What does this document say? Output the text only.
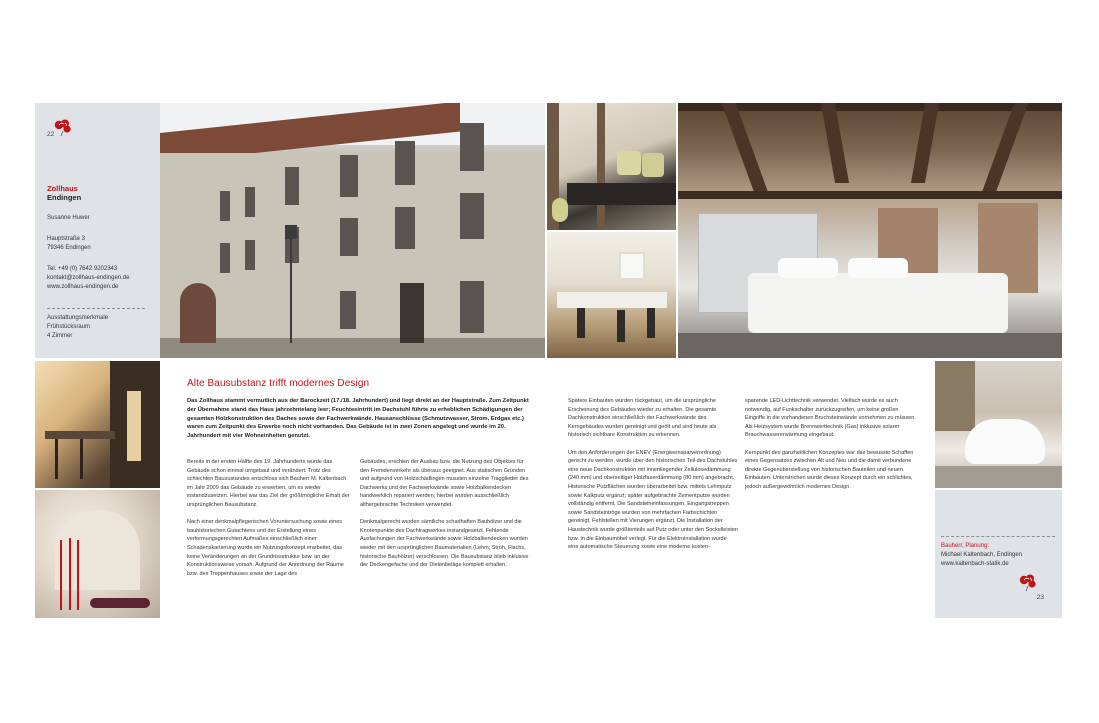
22
Zollhaus
Endingen
Susanne Huwer
Hauptstraße 3
79346 Endingen
Tel. +49 (0) 7642 9202343
kontakt@zollhaus-endingen.de
www.zollhaus-endingen.de
Ausstattungsmerkmale
Frühstücksraum
4 Zimmer
Bauherr, Planung:
Michael Kaltenbach, Endingen
www.kaltenbach-statik.de
23
Alte Bausubstanz trifft modernes Design
Das Zollhaus stammt vermutlich aus der Barockzeit (17./18. Jahrhundert) und liegt direkt an der Hauptstraße. Zum Zeitpunkt der Übernahme stand das Haus jahrzehntelang leer; Feuchteeintritt im Dachstuhl führte zu erheblichen Schädigungen der gesamten Holzkonstruktion des Daches sowie der Fachwerkwände. Hausanschlüsse (Schmutzwasser, Strom, Erdgas etc.) waren zum Zeitpunkt des Erwerbs noch nicht vorhanden. Das Gebäude ist in zwei Zonen angelegt und wurde im 20. Jahrhundert mit vier Wohneinheiten genutzt.

Bereits in der ersten Hälfte des 19. Jahrhunderts wurde das Gebäude schon einmal umgebaut und verändert. Trotz des schlechten Bauzustandes entschloss sich Bauherr M. Kaltenbach im Jahr 2009 das Gebäude zu erwerben, um es wieder instandzusetzen. Hierbei war das Ziel der größtmögliche Erhalt der ursprünglichen Bausubstanz.

Nach einer denkmalpflegerischen Voruntersuchung sowie eines bauhistorischen Gutachtens und der Erstellung eines verformungsgerechten Aufmaßes einschließlich einer Schadenskartierung wurde ein Nutzungskonzept erarbeitet, das keine Veränderungen an der Grundrissstruktur bzw. an der Konstruktionsweise vorsah. Aufgrund der Anordnung der Räume bzw. des Treppenhauses sowie der Lage des

Gebäudes, erschien der Ausbau bzw. die Nutzung des Objektes für den Fremdenverkehr als überaus geeignet. Aus statischen Gründen und aufgrund von Holzschädlingen mussten einzelne Tragglieder des Dachwerks und der Fachwerkwände sowie Holzbalkendecken handwerklich repariert werden; hierbei wurden ausschließlich althergebrachte Techniken verwendet.

Denkmalgerecht wurden sämtliche schadhaften Bauhölzer und die Knotenpunkte des Dachtragwerkes instandgesetzt. Fehlende Ausfachungen der Fachwerkwände sowie Holzbalkendecken wurden wieder mit den ursprünglichen Baumaterialien (Lehm, Stroh, Flachs, historische Bauhölzer) verschlossen. Die Bausubstanz blieb inklusive der Deckengefache und der Dielenbeläge komplett erhalten.

Spätere Einbauten wurden rückgebaut, um die ursprüngliche Erscheinung des Gebäudes wieder zu erhalten. Die gesamte Dachkonstruktion einschließlich der Fachwerkwände des Kerngebäudes wurden gereinigt und geölt und sind heute als historisch sichtbare Konstruktion zu erkennen.

Um den Anforderungen der ENEV (Energieeinsparverordnung) gerecht zu werden, wurde über den historischen Teil des Dachstuhles eine neue Dachkonstruktion mit innenliegender Zellulosedämmung (240 mm) und oberseitiger Holzfaserdämmung (80 mm) angebracht.

Historische Putzflächen wurden überarbeitet bzw. mittels Lehmputz sowie Kalkputz ergänzt; später aufgebrachte Zementputze wurden vollständig entfernt. Die Sandsteineinfassungen, Eingangstreppen sowie Sandsteintröge wurden von mehrfachen Farbschichten gereinigt, Fehlstellen mit Vierungen ergänzt. Die Installation der Haustechnik wurde größtenteils auf Putz oder unter den Sockelleisten bzw. in die Einbaumöbel verlegt. Für die Elektroinstallation wurde eine automatische Steuerung sowie eine moderne kosten-

sparende LED-Lichttechnik verwendet. Vielfach wurde es auch notwendig, auf Funkschalter zurückzugreifen, um keine großen Eingriffe in die vorhandenen Bruchsteinwände vornehmen zu müssen. Als Heizsystem wurde Brennwerttechnik (Gas) inklusive solarer Brauchwassererwärmung eingebaut.

Kernpunkt des ganzheitlichen Konzeptes war das bewusste Schaffen eines Gegensatzes zwischen Alt und Neu und die damit verbundene direkte Gegenüberstellung von historischen Bauteilen und neuen Einbauten. Unterstrichen wurde dieses Konzept durch ein schlichtes, jedoch außergewöhnlich modernes Design.
